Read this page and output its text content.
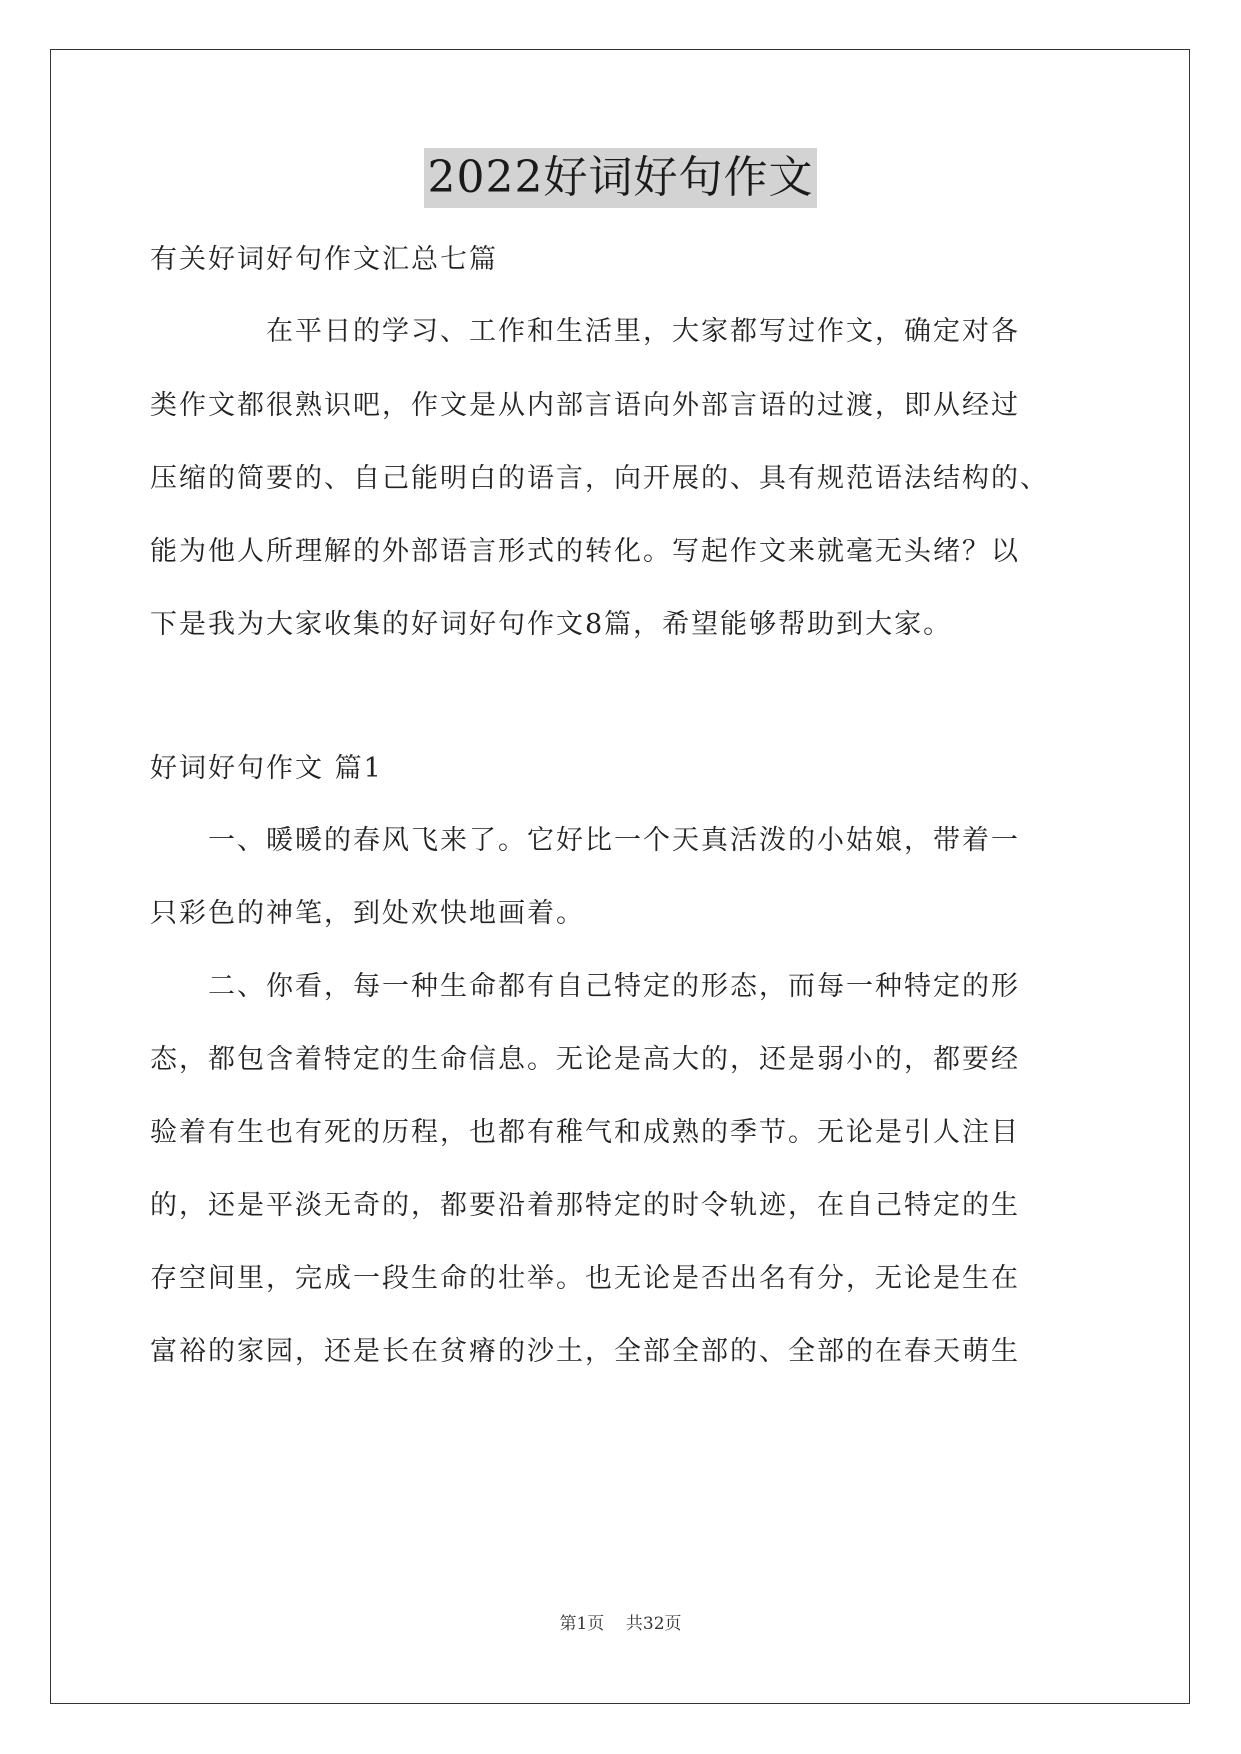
2022好词好句作文
有关好词好句作文汇总七篇
　　　　在平日的学习、工作和生活里，大家都写过作文，确定对各
类作文都很熟识吧，作文是从内部言语向外部言语的过渡，即从经过
压缩的简要的、自己能明白的语言，向开展的、具有规范语法结构的、
能为他人所理解的外部语言形式的转化。写起作文来就毫无头绪？以
下是我为大家收集的好词好句作文8篇，希望能够帮助到大家。
好词好句作文 篇1
　　一、暖暖的春风飞来了。它好比一个天真活泼的小姑娘，带着一
只彩色的神笔，到处欢快地画着。
　　二、你看，每一种生命都有自己特定的形态，而每一种特定的形
态，都包含着特定的生命信息。无论是高大的，还是弱小的，都要经
验着有生也有死的历程，也都有稚气和成熟的季节。无论是引人注目
的，还是平淡无奇的，都要沿着那特定的时令轨迹，在自己特定的生
存空间里，完成一段生命的壮举。也无论是否出名有分，无论是生在
富裕的家园，还是长在贫瘠的沙土，全部全部的、全部的在春天萌生
第1页    共32页
